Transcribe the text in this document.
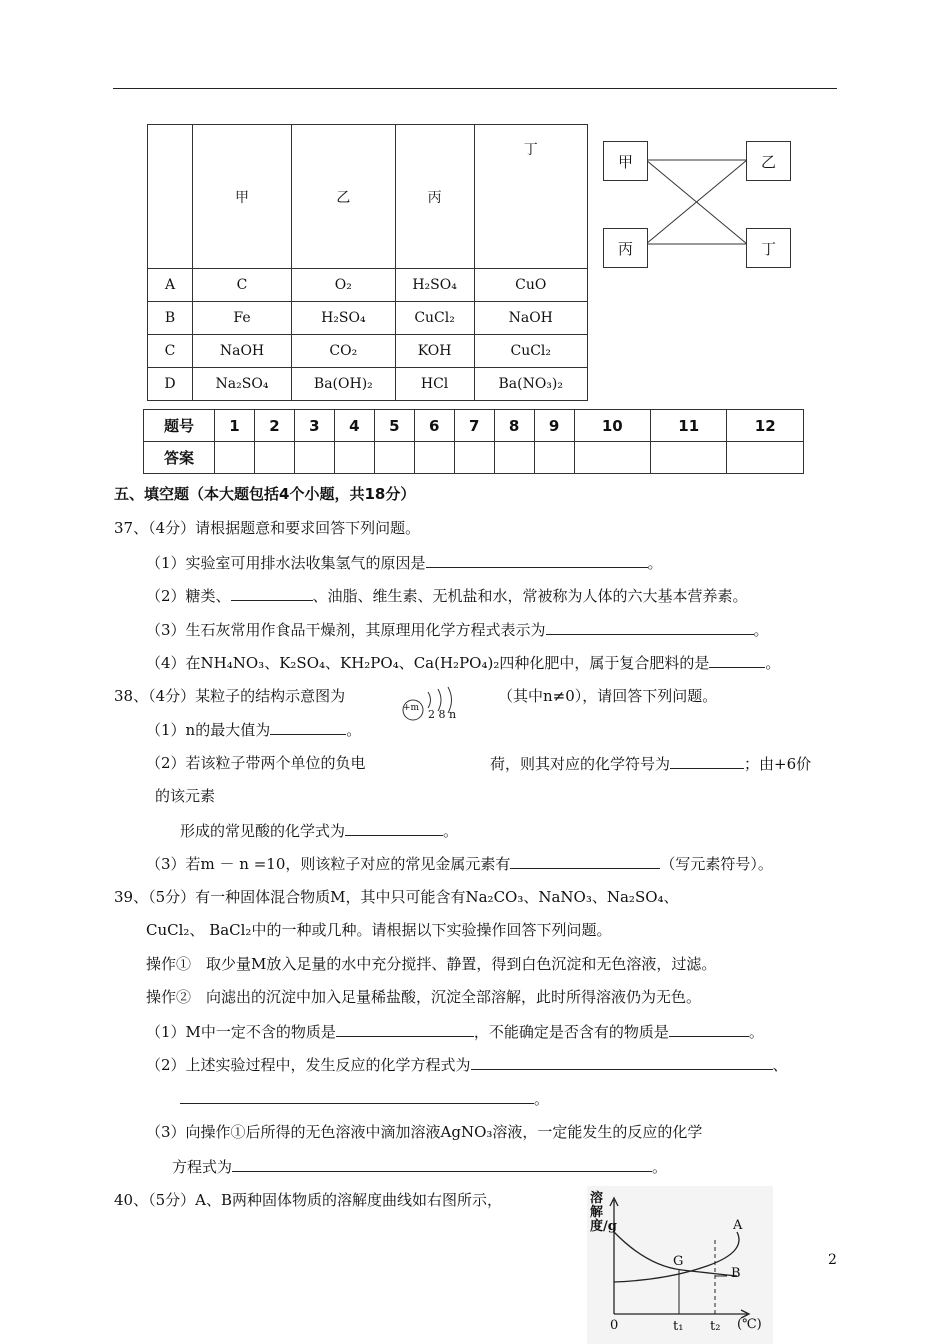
	甲	乙	丙	丁
A	C	O₂	H₂SO₄	CuO
B	Fe	H₂SO₄	CuCl₂	NaOH
C	NaOH	CO₂	KOH	CuCl₂
D	Na₂SO₄	Ba(OH)₂	HCl	Ba(NO₃)₂
甲	乙
丙	丁
题号	1	2	3	4	5	6	7	8	9	10	11	12
答案												
五、填空题（本大题包括4个小题，共18分）
37、（4分）请根据题意和要求回答下列问题。
（1）实验室可用排水法收集氢气的原因是	。
（2）糖类、	、油脂、维生素、无机盐和水，常被称为人体的六大基本营养素。
（3）生石灰常用作食品干燥剂，其原理用化学方程式表示为	。
（4）在NH₄NO₃、K₂SO₄、KH₂PO₄、Ca(H₂PO₄)₂四种化肥中，属于复合肥料的是	。
38、（4分）某粒子的结构示意图为
+m 2 8 n
（其中n≠0），请回答下列问题。
（1）n的最大值为	。
（2）若该粒子带两个单位的负电	荷，则其对应的化学符号为	；由+6价
的该元素
形成的常见酸的化学式为	。
（3）若m － n =10，则该粒子对应的常见金属元素有	（写元素符号）。
39、（5分）有一种固体混合物质M，其中只可能含有Na₂CO₃、NaNO₃、Na₂SO₄、
CuCl₂、 BaCl₂中的一种或几种。请根据以下实验操作回答下列问题。
操作①　取少量M放入足量的水中充分搅拌、静置，得到白色沉淀和无色溶液，过滤。
操作②　向滤出的沉淀中加入足量稀盐酸，沉淀全部溶解，此时所得溶液仍为无色。
（1）M中一定不含的物质是	，不能确定是否含有的物质是	。
（2）上述实验过程中，发生反应的化学方程式为	、
。
（3）向操作①后所得的无色溶液中滴加溶液AgNO₃溶液，一定能发生的反应的化学
方程式为	。
40、（5分）A、B两种固体物质的溶解度曲线如右图所示，	溶解度/g
0	t₁ t₂ (℃)
A
B
G	2
